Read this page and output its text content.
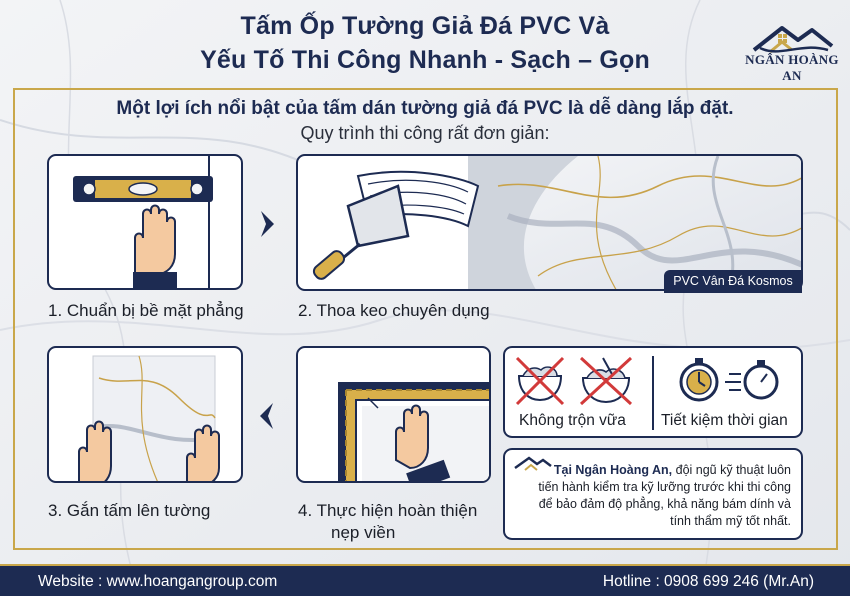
Tấm Ốp Tường Giả Đá PVC Và
Yếu Tố Thi Công Nhanh - Sạch – Gọn	NGÂN HOÀNG AN
Một lợi ích nổi bật của tấm dán tường giả đá PVC là dễ dàng lắp đặt.
Quy trình thi công rất đơn giản:
1. Chuẩn bị bề mặt phẳng
PVC Vân Đá Kosmos
2. Thoa keo chuyên dụng
3. Gắn tấm lên tường	4. Thực hiện hoàn thiện
nẹp viền
Không trộn vữa Tiết kiệm thời gian
Tại Ngân Hoàng An, đội ngũ kỹ thuật luôn
tiến hành kiểm tra kỹ lưỡng trước khi thi công
để bảo đảm độ phẳng, khả năng bám dính và
tính thẩm mỹ tốt nhất.
Website : www.hoangangroup.com	Hotline : 0908 699 246 (Mr.An)
